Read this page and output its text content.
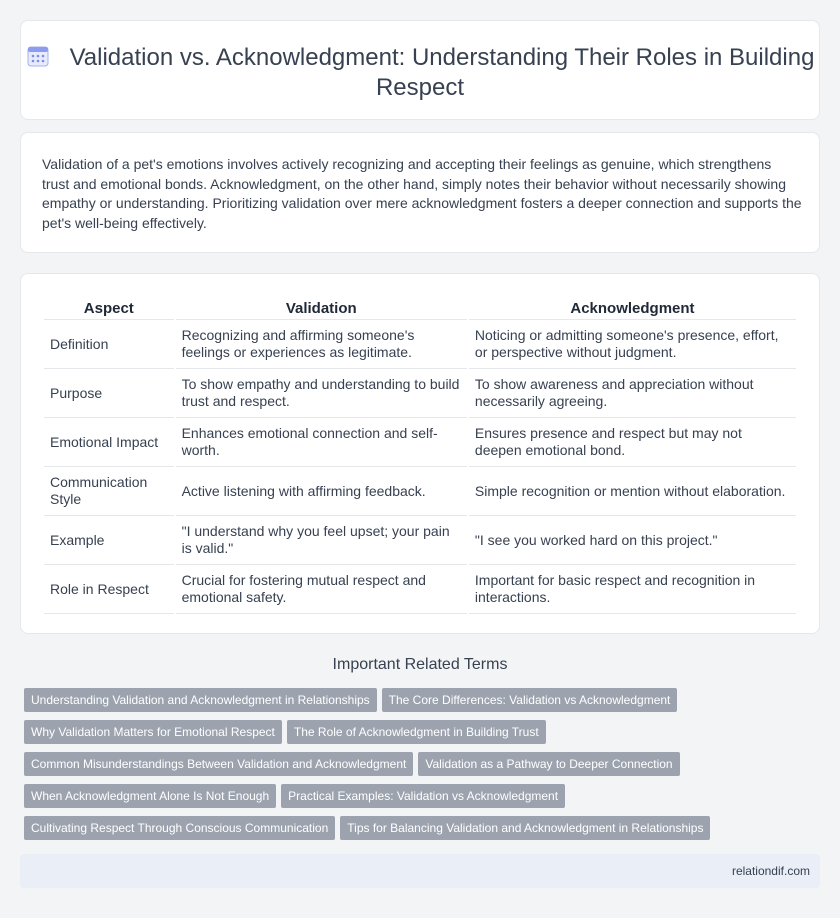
Validation vs. Acknowledgment: Understanding Their Roles in Building Respect

Validation of a pet's emotions involves actively recognizing and accepting their feelings as genuine, which strengthens trust and emotional bonds. Acknowledgment, on the other hand, simply notes their behavior without necessarily showing empathy or understanding. Prioritizing validation over mere acknowledgment fosters a deeper connection and supports the pet's well-being effectively.

Aspect	Validation	Acknowledgment
Definition	Recognizing and affirming someone's feelings or experiences as legitimate.	Noticing or admitting someone's presence, effort, or perspective without judgment.
Purpose	To show empathy and understanding to build trust and respect.	To show awareness and appreciation without necessarily agreeing.
Emotional Impact	Enhances emotional connection and self-worth.	Ensures presence and respect but may not deepen emotional bond.
Communication Style	Active listening with affirming feedback.	Simple recognition or mention without elaboration.
Example	"I understand why you feel upset; your pain is valid."	"I see you worked hard on this project."
Role in Respect	Crucial for fostering mutual respect and emotional safety.	Important for basic respect and recognition in interactions.
Important Related Terms
Understanding Validation and Acknowledgment in Relationships The Core Differences: Validation vs Acknowledgment
Why Validation Matters for Emotional Respect The Role of Acknowledgment in Building Trust
Common Misunderstandings Between Validation and Acknowledgment Validation as a Pathway to Deeper Connection
When Acknowledgment Alone Is Not Enough Practical Examples: Validation vs Acknowledgment
Cultivating Respect Through Conscious Communication Tips for Balancing Validation and Acknowledgment in Relationships
relationdif.com
